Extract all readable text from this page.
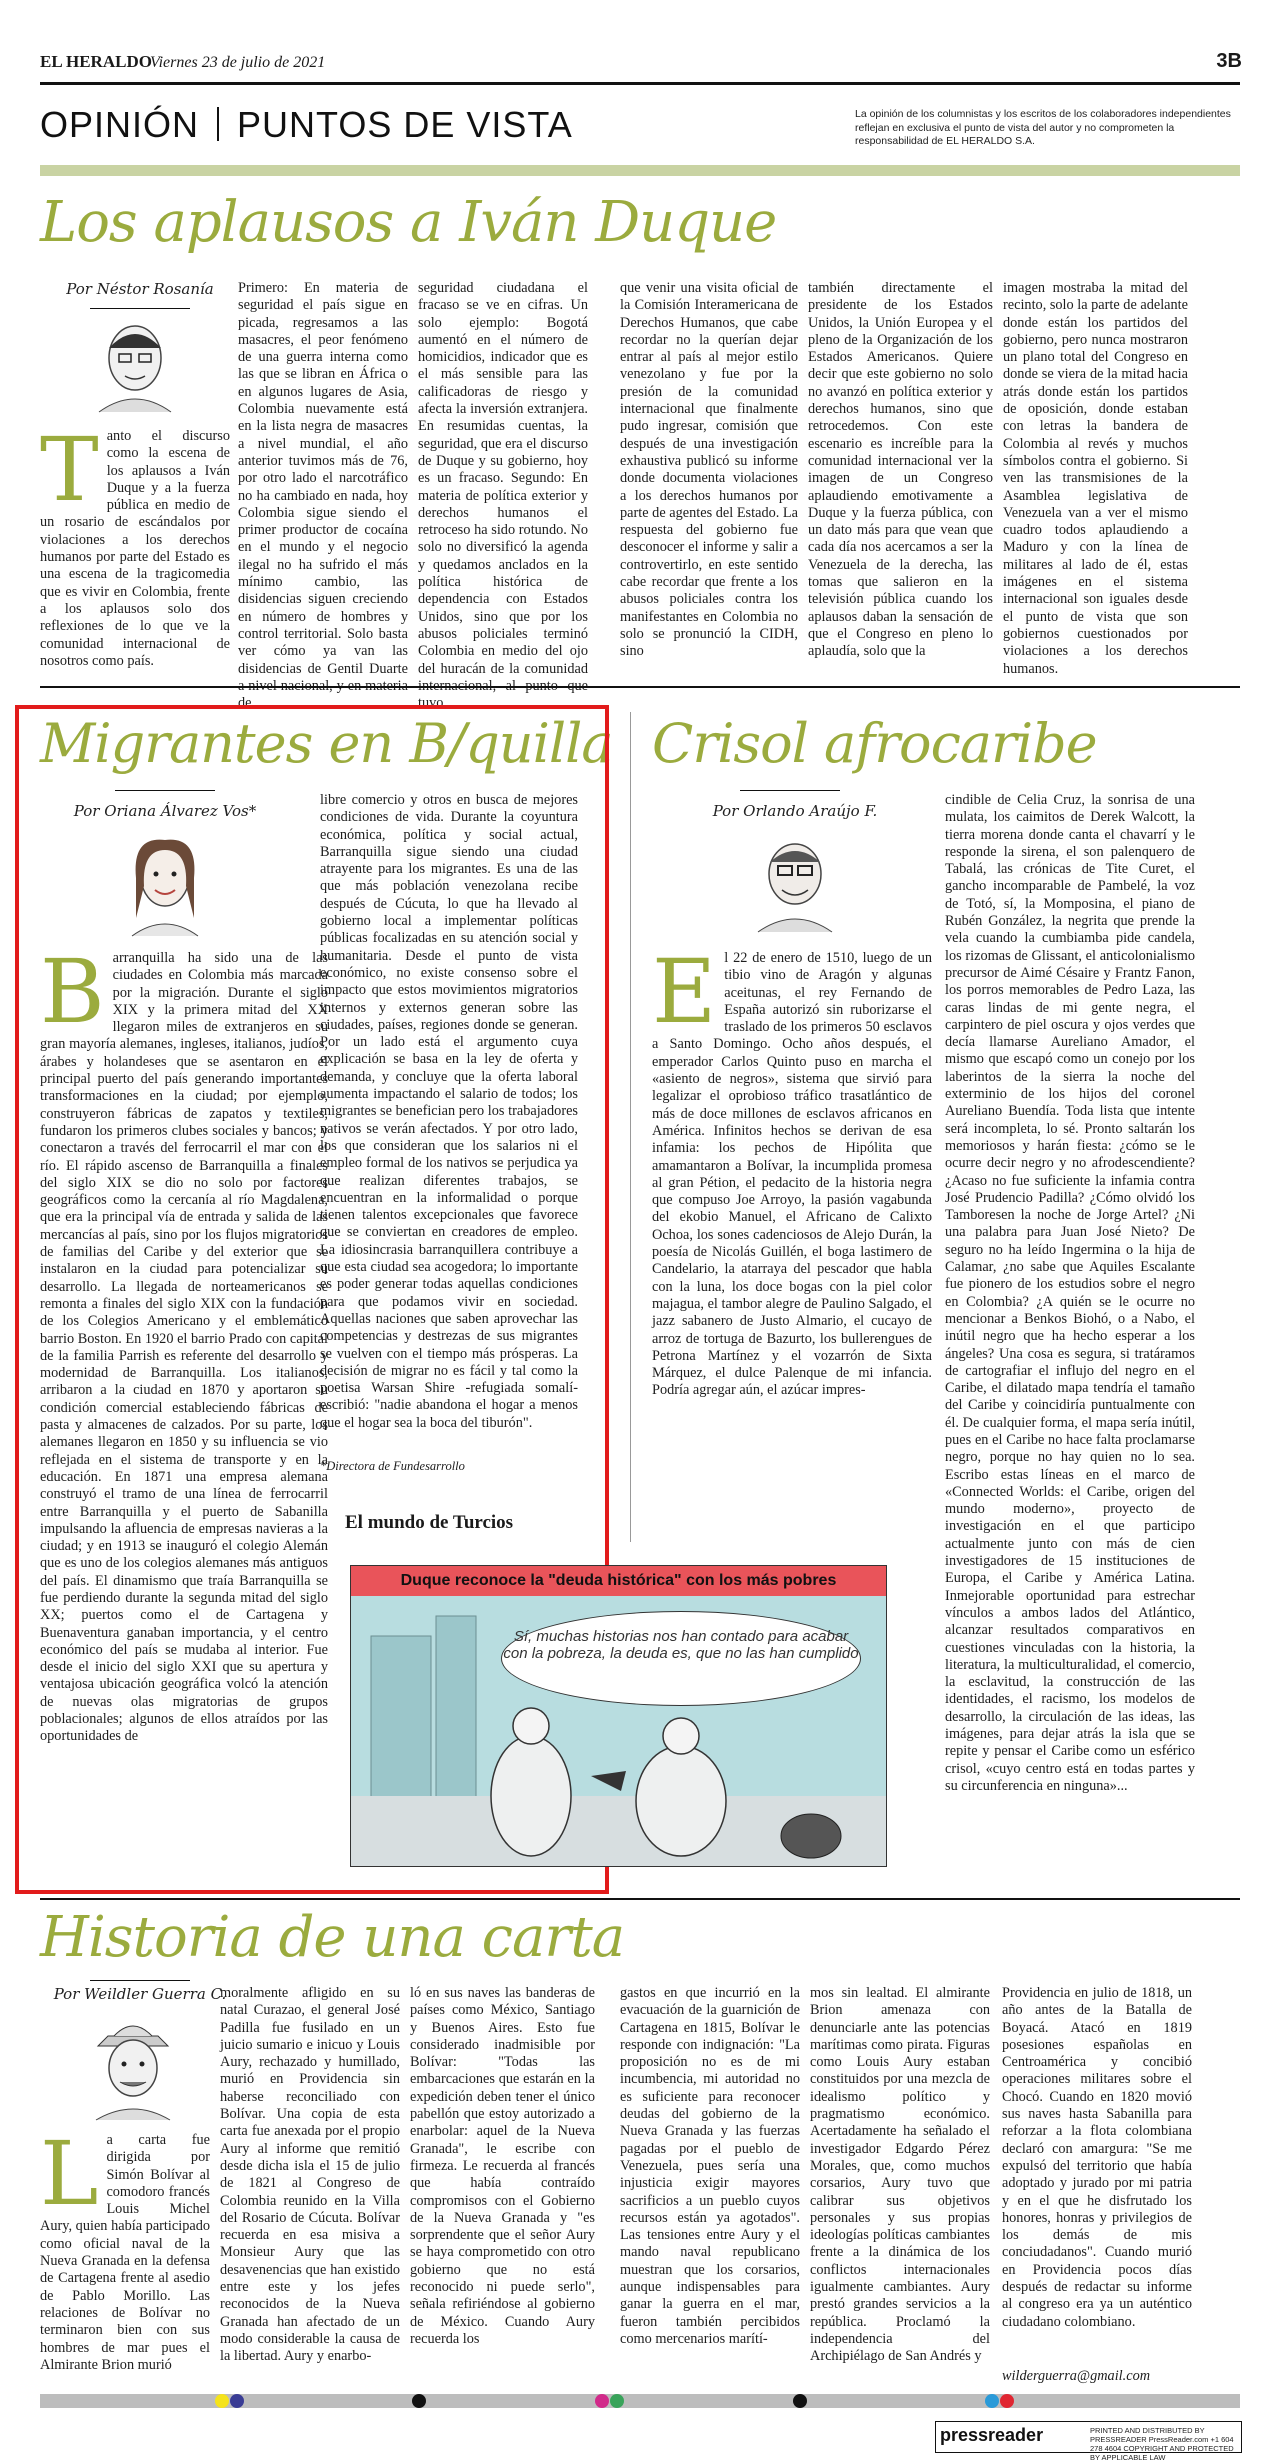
EL HERALDO
Viernes 23 de julio de 2021	3B
OPINIÓN PUNTOS DE VISTA	La opinión de los columnistas y los escritos de los colaboradores independientes reflejan en exclusiva el punto de vista del autor y no comprometen la responsabilidad de EL HERALDO S.A.
Los aplausos a Iván Duque
Por Néstor Rosanía
Tanto el discurso como la escena de los aplausos a Iván Duque y a la fuerza pública en medio de un rosario de escándalos por violaciones a los derechos humanos por parte del Estado es una escena de la tragicomedia que es vivir en Colombia, frente a los aplausos solo dos reflexiones de lo que ve la comunidad internacional de nosotros como país.
Primero: En materia de seguridad el país sigue en picada, regresamos a las masacres, el peor fenómeno de una guerra interna como las que se libran en África o en algunos lugares de Asia, Colombia nuevamente está en la lista negra de masacres a nivel mundial, el año anterior tuvimos más de 76, por otro lado el narcotráfico no ha cambiado en nada, hoy Colombia sigue siendo el primer productor de cocaína en el mundo y el negocio ilegal no ha sufrido el más mínimo cambio, las disidencias siguen creciendo en número de hombres y control territorial. Solo basta ver cómo ya van las disidencias de Gentil Duarte de
seguridad ciudadana el fracaso se ve en cifras. Un solo ejemplo: Bogotá aumentó en el número de homicidios, indicador que es el más sensible para las calificadoras de riesgo y afecta la inversión extranjera. En resumidas cuentas, la seguridad, que era el discurso de Duque y su gobierno, hoy es un fracaso. Segundo: En materia de política exterior y derechos humanos el retroceso ha sido rotundo. No solo no diversificó la agenda y quedamos anclados en la política histórica de dependencia con Estados Unidos, sino que por los abusos policiales terminó Colombia en medio del ojo del huracán de la comunidad tuvo
que venir una visita oficial de la Comisión Interamericana de Derechos Humanos, que cabe recordar no la querían dejar entrar al país al mejor estilo venezolano y fue por la presión de la comunidad internacional que finalmente pudo ingresar, comisión que después de una investigación exhaustiva publicó su informe donde documenta violaciones a los derechos humanos por parte de agentes del Estado. La respuesta del gobierno fue desconocer el informe y salir a controvertirlo, en este sentido cabe recordar que frente a los abusos policiales contra los manifestantes en Colombia no solo se pronunció la CIDH, sino
también directamente el presidente de los Estados Unidos, la Unión Europea y el pleno de la Organización de los Estados Americanos. Quiere decir que este gobierno no solo no avanzó en política exterior y derechos humanos, sino que retrocedemos. Con este escenario es increíble para la comunidad internacional ver la imagen de un Congreso aplaudiendo emotivamente a Duque y la fuerza pública, con un dato más para que vean que cada día nos acercamos a ser la Venezuela de la derecha, las tomas que salieron en la televisión pública cuando los aplausos daban la sensación de que el Congreso en pleno lo aplaudía, solo que la
imagen mostraba la mitad del recinto, solo la parte de adelante donde están los partidos del gobierno, pero nunca mostraron un plano total del Congreso en donde se viera de la mitad hacia atrás donde están los partidos de oposición, donde estaban con letras la bandera de Colombia al revés y muchos símbolos contra el gobierno. Si ven las transmisiones de la Asamblea legislativa de Venezuela van a ver el mismo cuadro todos aplaudiendo a Maduro y con la línea de militares al lado de él, estas imágenes en el sistema internacional son iguales desde el punto de vista que son gobiernos cuestionados por violaciones a los derechos humanos.
Migrantes en B/quilla
Por Oriana Álvarez Vos*
Barranquilla ha sido una de las ciudades en Colombia más marcada por la migración. Durante el siglo XIX y la primera mitad del XX llegaron miles de extranjeros en su gran mayoría alemanes, ingleses, italianos, judíos, árabes y holandeses que se asentaron en el principal puerto del país generando importantes transformaciones en la ciudad; por ejemplo, construyeron fábricas de zapatos y textiles, fundaron los primeros clubes sociales y bancos; y conectaron a través del ferrocarril el mar con el río. El rápido ascenso de Barranquilla a finales del siglo XIX se dio no solo por factores geográficos como la cercanía al río Magdalena, que era la principal vía de entrada y salida de las mercancías al país, sino por los flujos migratorios de familias del Caribe y del exterior que se instalaron en la ciudad para potencializar su desarrollo. La llegada de norteamericanos se remonta a finales del siglo XIX con la fundación de los Colegios Americano y el emblemático barrio Boston. En 1920 el barrio Prado con capital de la familia Parrish es referente del desarrollo y modernidad de Barranquilla. Los italianos, arribaron a la ciudad en 1870 y aportaron su condición comercial estableciendo fábricas de pasta y almacenes de calzados. Por su parte, los alemanes llegaron en 1850 y su influencia se vio reflejada en el sistema de transporte y en la educación. En 1871 una empresa alemana construyó el tramo de una línea de ferrocarril entre Barranquilla y el puerto de Sabanilla impulsando la afluencia de empresas navieras a la ciudad; y en 1913 se inauguró el colegio Alemán que es uno de los colegios alemanes más antiguos del país. El dinamismo que traía Barranquilla se fue perdiendo durante la segunda mitad del siglo XX; puertos como el de Cartagena y Buenaventura ganaban importancia, y el centro económico del país se mudaba al interior. Fue desde el inicio del siglo XXI que su apertura y ventajosa ubicación geográfica volcó la atención de nuevas olas migratorias de grupos poblacionales; algunos de ellos atraídos por las oportunidades de
libre comercio y otros en busca de mejores condiciones de vida. Durante la coyuntura económica, política y social actual, Barranquilla sigue siendo una ciudad atrayente para los migrantes. Es una de las que más población venezolana recibe después de Cúcuta, lo que ha llevado al gobierno local a implementar políticas públicas focalizadas en su atención social y humanitaria. Desde el punto de vista económico, no existe consenso sobre el impacto que estos movimientos migratorios internos y externos generan sobre las ciudades, países, regiones donde se generan. Por un lado está el argumento cuya explicación se basa en la ley de oferta y demanda, y concluye que la oferta laboral aumenta impactando el salario de todos; los migrantes se benefician pero los trabajadores nativos se verán afectados. Y por otro lado, los que consideran que los salarios ni el empleo formal de los nativos se perjudica ya que realizan diferentes trabajos, se encuentran en la informalidad o porque tienen talentos excepcionales que favorece que se conviertan en creadores de empleo. La idiosincrasia barranquillera contribuye a que esta ciudad sea acogedora; lo importante es poder generar todas aquellas condiciones para que podamos vivir en sociedad. Aquellas naciones que saben aprovechar las competencias y destrezas de sus migrantes se vuelven con el tiempo más prósperas. La decisión de migrar no es fácil y tal como la poetisa Warsan Shire -refugiada somalí- escribió: "nadie abandona el hogar a menos que el hogar sea la boca del tiburón".
*Directora de Fundesarrollo
Crisol afrocaribe
Por Orlando Araújo F.
El 22 de enero de 1510, luego de un tibio vino de Aragón y algunas aceitunas, el rey Fernando de España autorizó sin ruborizarse el traslado de los primeros 50 esclavos a Santo Domingo. Ocho años después, el emperador Carlos Quinto puso en marcha el «asiento de negros», sistema que sirvió para legalizar el oprobioso tráfico trasatlántico de más de doce millones de esclavos africanos en América. Infinitos hechos se derivan de esa infamia: los pechos de Hipólita que amamantaron a Bolívar, la incumplida promesa al gran Pétion, el pedacito de la historia negra que compuso Joe Arroyo, la pasión vagabunda del ekobio Manuel, el Africano de Calixto Ochoa, los sones cadenciosos de Alejo Durán, la poesía de Nicolás Guillén, el boga lastimero de Candelario, la atarraya del pescador que habla con la luna, los doce bogas con la piel color majagua, el tambor alegre de Paulino Salgado, el jazz sabanero de Justo Almario, el cucayo de arroz de tortuga de Bazurto, los bullerengues de Petrona Martínez y el vozarrón de Sixta Márquez, el dulce Palenque de mi infancia. Podría agregar aún, el azúcar impres-
cindible de Celia Cruz, la sonrisa de una mulata, los caimitos de Derek Walcott, la tierra morena donde canta el chavarrí y le responde la sirena, el son palenquero de Tabalá, las crónicas de Tite Curet, el gancho incomparable de Pambelé, la voz de Totó, sí, la Momposina, el piano de Rubén González, la negrita que prende la vela cuando la cumbiamba pide candela, los rizomas de Glissant, el anticolonialismo precursor de Aimé Césaire y Frantz Fanon, los porros memorables de Pedro Laza, las caras lindas de mi gente negra, el carpintero de piel oscura y ojos verdes que decía llamarse Aureliano Amador, el mismo que escapó como un conejo por los laberintos de la sierra la noche del exterminio de los hijos del coronel Aureliano Buendía. Toda lista que intente será incompleta, lo sé. Pronto saltarán los memoriosos y harán fiesta: ¿cómo se le ocurre decir negro y no afrodescendiente? ¿Acaso no fue suficiente la infamia contra José Prudencio Padilla? ¿Cómo olvidó los Tamboresen la noche de Jorge Artel? ¿Ni una palabra para Juan José Nieto? De seguro no ha leído Ingermina o la hija de Calamar, ¿no sabe que Aquiles Escalante fue pionero de los estudios sobre el negro en Colombia? ¿A quién se le ocurre no mencionar a Benkos Biohó, o a Nabo, el inútil negro que ha hecho esperar a los ángeles? Una cosa es segura, si tratáramos de cartografiar el influjo del negro en el Caribe, el dilatado mapa tendría el tamaño del Caribe y coincidiría puntualmente con él. De cualquier forma, el mapa sería inútil, pues en el Caribe no hace falta proclamarse negro, porque no hay quien no lo sea. Escribo estas líneas en el marco de «Connected Worlds: el Caribe, origen del mundo moderno», proyecto de investigación en el que participo actualmente junto con más de cien investigadores de 15 instituciones de Europa, el Caribe y América Latina. Inmejorable oportunidad para estrechar vínculos a ambos lados del Atlántico, alcanzar resultados comparativos en cuestiones vinculadas con la historia, la literatura, la multiculturalidad, el comercio, la esclavitud, la construcción de las identidades, el racismo, los modelos de desarrollo, la circulación de las ideas, las imágenes, para dejar atrás la isla que se repite y pensar el Caribe como un esférico crisol, «cuyo centro está en todas partes y su circunferencia en ninguna»...
El mundo de Turcios
Duque reconoce la "deuda histórica" con los más pobres
Sí, muchas historias nos han contado para acabar con la pobreza, la deuda es, que no las han cumplido
Historia de una carta
Por Weildler Guerra C.
La carta fue dirigida por Simón Bolívar al comodoro francés Louis Michel Aury, quien había participado como oficial naval de la Nueva Granada en la defensa de Cartagena frente al asedio de Pablo Morillo. Las relaciones de Bolívar no terminaron bien con sus hombres de mar pues el Almirante Brion murió
moralmente afligido en su natal Curazao, el general José Padilla fue fusilado en un juicio sumario e inicuo y Louis Aury, rechazado y humillado, murió en Providencia sin haberse reconciliado con Bolívar. Una copia de esta carta fue anexada por el propio Aury al informe que remitió desde dicha isla el 15 de julio de 1821 al Congreso de Colombia reunido en la Villa del Rosario de Cúcuta. Bolívar recuerda en esa misiva a Monsieur Aury que las desavenencias que han existido entre este y los jefes reconocidos de la Nueva Granada han afectado de un modo considerable la causa de la libertad. Aury y enarbo-
ló en sus naves las banderas de países como México, Santiago y Buenos Aires. Esto fue considerado inadmisible por Bolívar: "Todas las embarcaciones que estarán en la expedición deben tener el único pabellón que estoy autorizado a enarbolar: aquel de la Nueva Granada", le escribe con firmeza. Le recuerda al francés que había contraído compromisos con el Gobierno de la Nueva Granada y "es sorprendente que el señor Aury se haya comprometido con otro gobierno que no está reconocido ni puede serlo", señala refiriéndose al gobierno de México. Cuando Aury recuerda los
gastos en que incurrió en la evacuación de la guarnición de Cartagena en 1815, Bolívar le responde con indignación: "La proposición no es de mi incumbencia, mi autoridad no es suficiente para reconocer deudas del gobierno de la Nueva Granada y las fuerzas pagadas por el pueblo de Venezuela, pues sería una injusticia exigir mayores sacrificios a un pueblo cuyos recursos están ya agotados". Las tensiones entre Aury y el mando naval republicano muestran que los corsarios, aunque indispensables para ganar la guerra en el mar, fueron también percibidos como mercenarios marítí-
mos sin lealtad. El almirante Brion amenaza con denunciarle ante las potencias marítimas como pirata. Figuras como Louis Aury estaban constituidos por una mezcla de idealismo político y pragmatismo económico. Acertadamente ha señalado el investigador Edgardo Pérez Morales, que, como muchos corsarios, Aury tuvo que calibrar sus objetivos personales y sus propias ideologías políticas cambiantes frente a la dinámica de los conflictos internacionales igualmente cambiantes. Aury prestó grandes servicios a la república. Proclamó la independencia del Archipiélago de San Andrés y
Providencia en julio de 1818, un año antes de la Batalla de Boyacá. Atacó en 1819 posesiones españolas en Centroamérica y concibió operaciones militares sobre el Chocó. Cuando en 1820 movió sus naves hasta Sabanilla para reforzar a la flota colombiana declaró con amargura: "Se me expulsó del territorio que había adoptado y jurado por mi patria y en el que he disfrutado los honores, honras y privilegios de los demás de mis conciudadanos". Cuando murió en Providencia pocos días después de redactar su informe al congreso era ya un auténtico ciudadano colombiano.
wilderguerra@gmail.com
pressreader	PRINTED AND DISTRIBUTED BY PRESSREADER PressReader.com +1 604 278 4604 COPYRIGHT AND PROTECTED BY APPLICABLE LAW
